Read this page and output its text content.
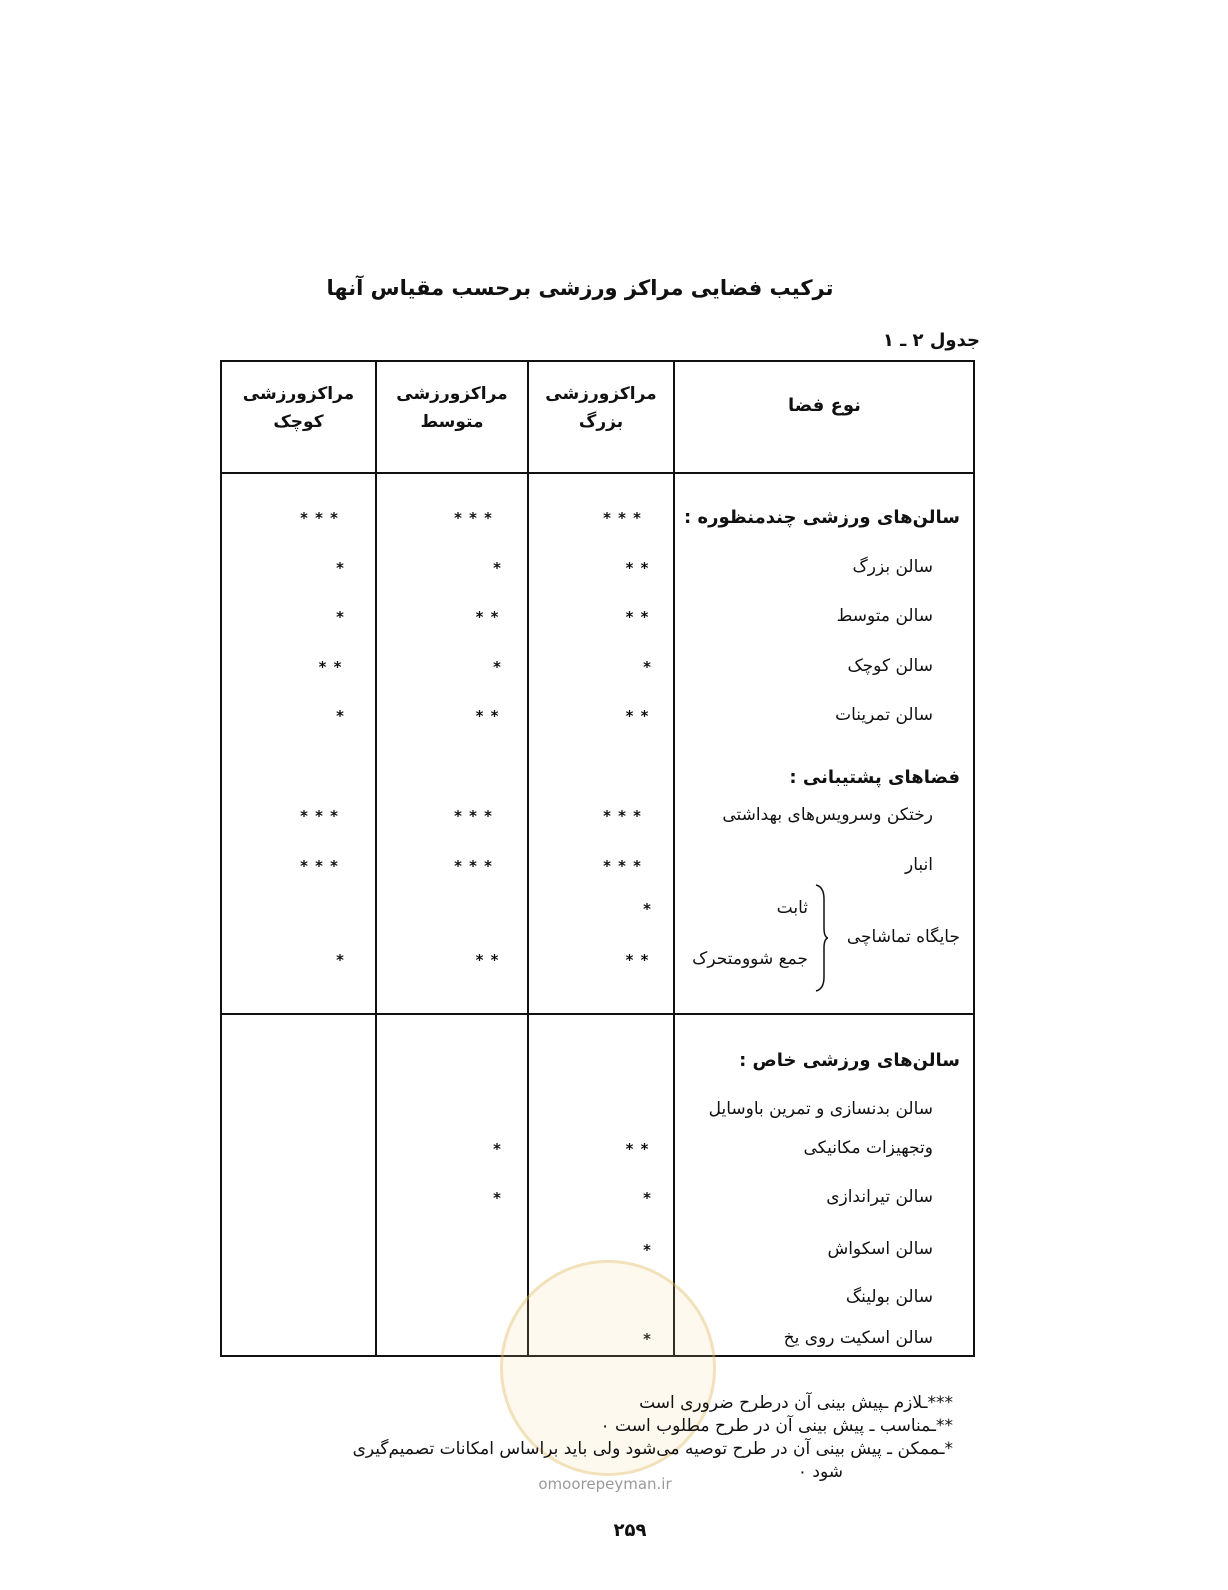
ترکیب فضایی مراکز ورزشی برحسب مقیاس آنها
جدول ۲ ـ ۱
نوع فضا
مراکزورزشی بزرگ
مراکزورزشی متوسط
مراکزورزشی کوچک
سالن‌های ورزشی چندمنظوره :
***
***
***
سالن بزرگ
**
*
*
سالن متوسط
**
**
*
سالن کوچک
*
*
**
سالن تمرینات
**
**
*
فضاهای پشتیبانی :
رختکن وسرویس‌های بهداشتی
***
***
***
انبار
***
***
***
ثابت
*
جایگاه تماشاچی
جمع شوومتحرک
**
**
*
سالن‌های ورزشی خاص :
سالن بدنسازی و تمرین باوسایل
وتجهیزات مکانیکی
**
*
سالن تیراندازی
*
*
سالن اسکواش
*
سالن بولینگ
سالن اسکیت روی یخ
*
omoorepeyman.ir
***ـلازم ـپیش بینی آن درطرح ضروری است
**ـمناسب ـ پیش بینی آن در طرح مطلوب است ٠
*ـممکن ـ پیش بینی آن در طرح توصیه می‌شود ولی باید براساس امکانات تصمیم‌گیری
شود ٠
۲۵۹
